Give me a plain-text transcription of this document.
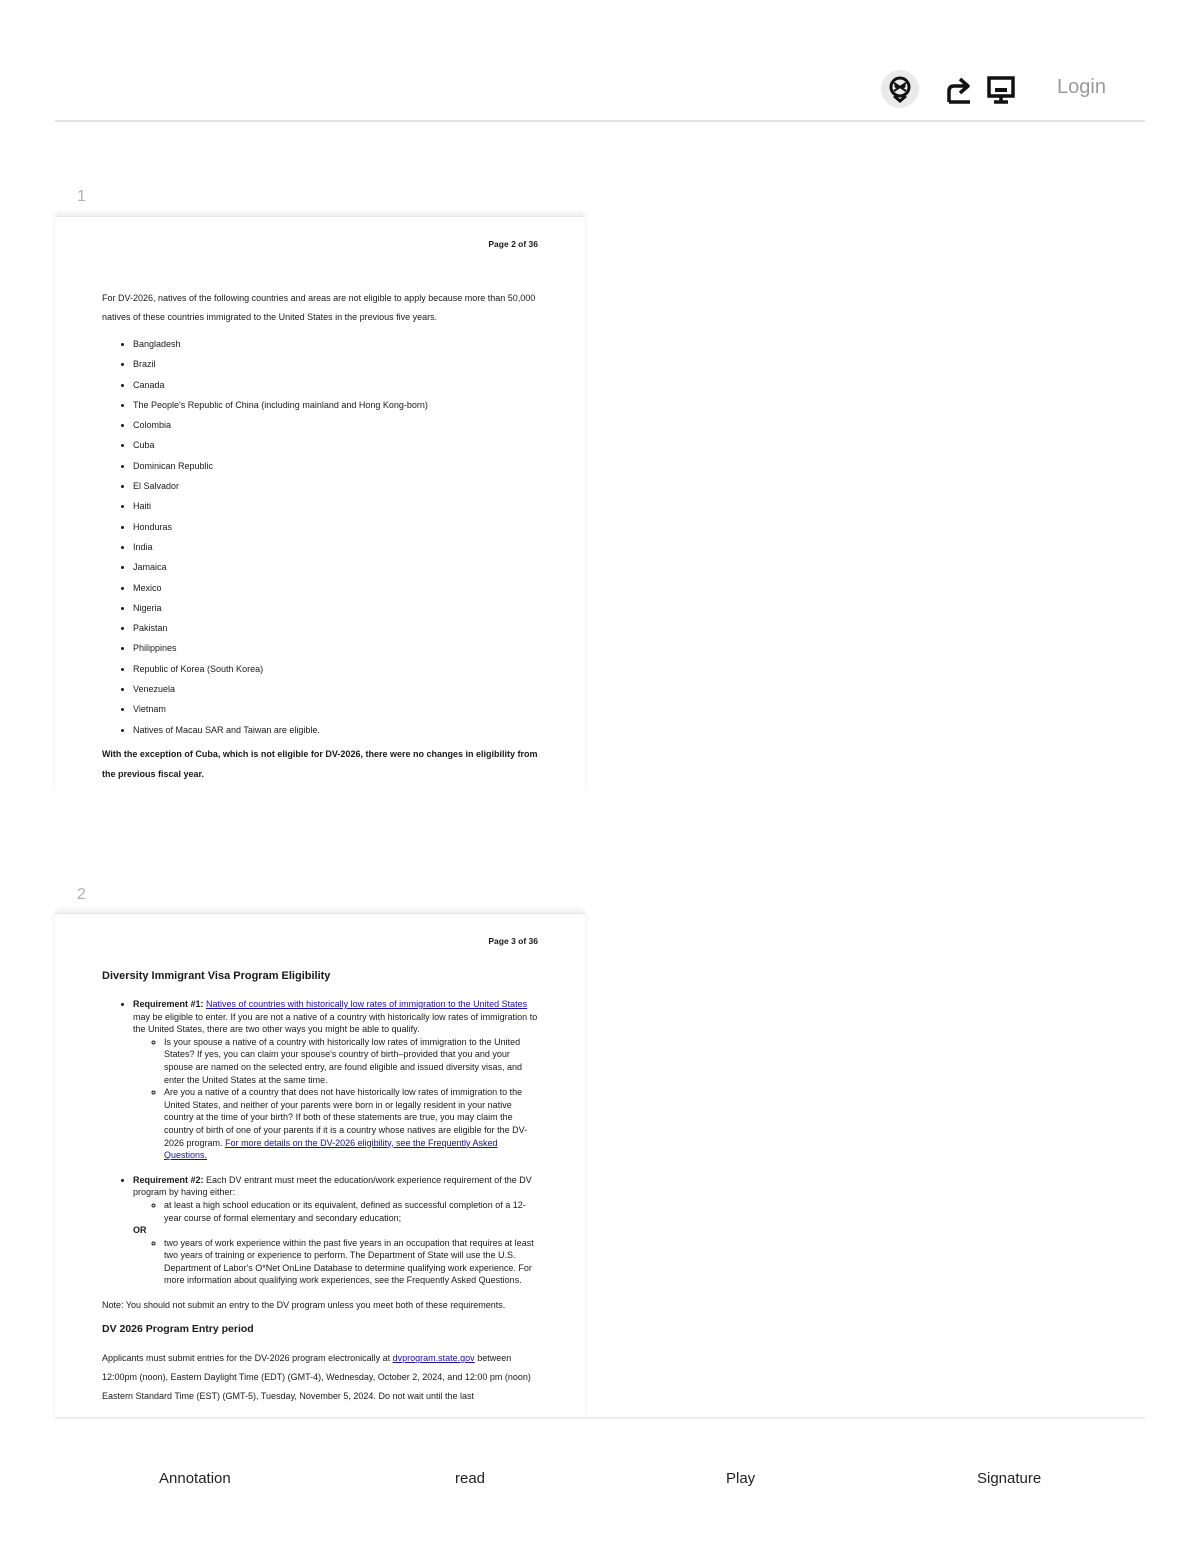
Login
1
Page 2 of 36

For DV-2026, natives of the following countries and areas are not eligible to apply because more than 50,000 natives of these countries immigrated to the United States in the previous five years.

• Bangladesh
• Brazil
• Canada
• The People's Republic of China (including mainland and Hong Kong-born)
• Colombia
• Cuba
• Dominican Republic
• El Salvador
• Haiti
• Honduras
• India
• Jamaica
• Mexico
• Nigeria
• Pakistan
• Philippines
• Republic of Korea (South Korea)
• Venezuela
• Vietnam
• Natives of Macau SAR and Taiwan are eligible.

With the exception of Cuba, which is not eligible for DV-2026, there were no changes in eligibility from the previous fiscal year.

2
Page 3 of 36
Diversity Immigrant Visa Program Eligibility
• Requirement #1: Natives of countries with historically low rates of immigration to the United States may be eligible to enter. If you are not a native of a country with historically low rates of immigration to the United States, there are two other ways you might be able to qualify.
◦ Is your spouse a native of a country with historically low rates of immigration to the United States? If yes, you can claim your spouse's country of birth–provided that you and your spouse are named on the selected entry, are found eligible and issued diversity visas, and enter the United States at the same time.
◦ Are you a native of a country that does not have historically low rates of immigration to the United States, and neither of your parents were born in or legally resident in your native country at the time of your birth? If both of these statements are true, you may claim the country of birth of one of your parents if it is a country whose natives are eligible for the DV-2026 program. For more details on the DV-2026 eligibility, see the Frequently Asked Questions.
• Requirement #2: Each DV entrant must meet the education/work experience requirement of the DV program by having either:
◦ at least a high school education or its equivalent, defined as successful completion of a 12-year course of formal elementary and secondary education;
OR
◦ two years of work experience within the past five years in an occupation that requires at least two years of training or experience to perform. The Department of State will use the U.S. Department of Labor's O*Net OnLine Database to determine qualifying work experience. For more information about qualifying work experiences, see the Frequently Asked Questions.

Note: You should not submit an entry to the DV program unless you meet both of these requirements.

DV 2026 Program Entry period

Applicants must submit entries for the DV-2026 program electronically at dvprogram.state.gov between 12:00pm (noon), Eastern Daylight Time (EDT) (GMT-4), Wednesday, October 2, 2024, and 12:00 pm (noon) Eastern Standard Time (EST) (GMT-5), Tuesday, November 5, 2024. Do not wait until the last

Annotation	read	Play	Signature
